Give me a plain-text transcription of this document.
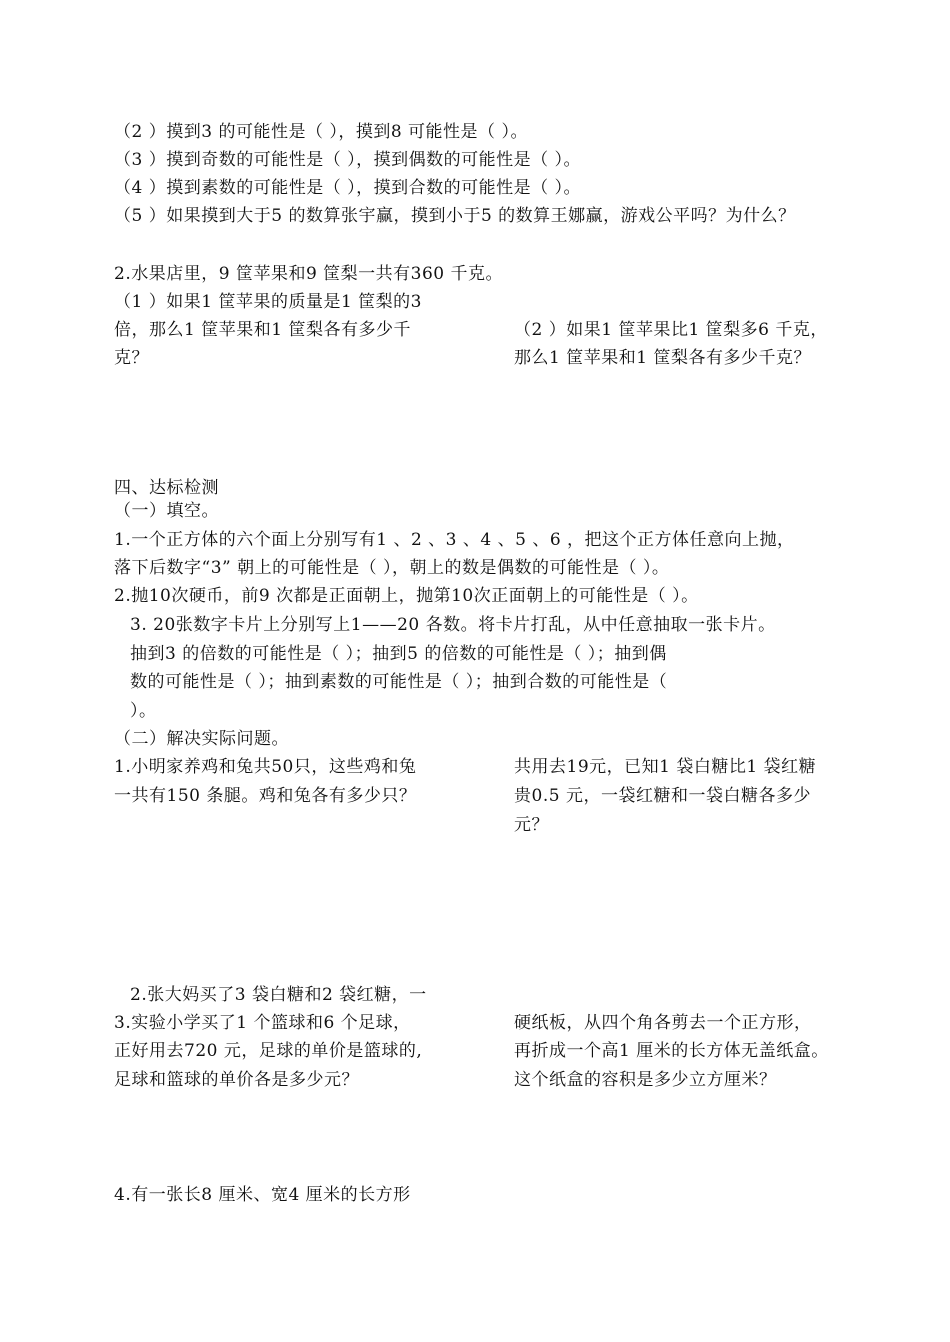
（2 ）摸到3 的可能性是（ ），摸到8 可能性是（ ）。
（3 ）摸到奇数的可能性是（ ），摸到偶数的可能性是（ ）。
（4 ）摸到素数的可能性是（ ），摸到合数的可能性是（ ）。
（5 ）如果摸到大于5 的数算张宇赢，摸到小于5 的数算王娜赢，游戏公平吗？为什么？
2.水果店里，9 筐苹果和9 筐梨一共有360 千克。
（1 ）如果1 筐苹果的质量是1 筐梨的3
倍，那么1 筐苹果和1 筐梨各有多少千
克？
（2 ）如果1 筐苹果比1 筐梨多6 千克，
那么1 筐苹果和1 筐梨各有多少千克？
四、达标检测
（一）填空。
1.一个正方体的六个面上分别写有1 、2 、3 、4 、5 、6 ，把这个正方体任意向上抛，
落下后数字“3” 朝上的可能性是（ ），朝上的数是偶数的可能性是（ ）。
2.抛10次硬币，前9 次都是正面朝上，抛第10次正面朝上的可能性是（ ）。
3. 20张数字卡片上分别写上1——20 各数。将卡片打乱，从中任意抽取一张卡片。
抽到3 的倍数的可能性是（ ）；抽到5 的倍数的可能性是（ ）；抽到偶
数的可能性是（ ）；抽到素数的可能性是（ ）；抽到合数的可能性是（
）。
（二）解决实际问题。
1.小明家养鸡和兔共50只，这些鸡和兔
一共有150 条腿。鸡和兔各有多少只？
共用去19元，已知1 袋白糖比1 袋红糖
贵0.5 元，一袋红糖和一袋白糖各多少
元？
2.张大妈买了3 袋白糖和2 袋红糖，一
3.实验小学买了1 个篮球和6 个足球，
正好用去720 元，足球的单价是篮球的,
足球和篮球的单价各是多少元？
硬纸板，从四个角各剪去一个正方形，
再折成一个高1 厘米的长方体无盖纸盒。
这个纸盒的容积是多少立方厘米？
4.有一张长8 厘米、宽4 厘米的长方形
